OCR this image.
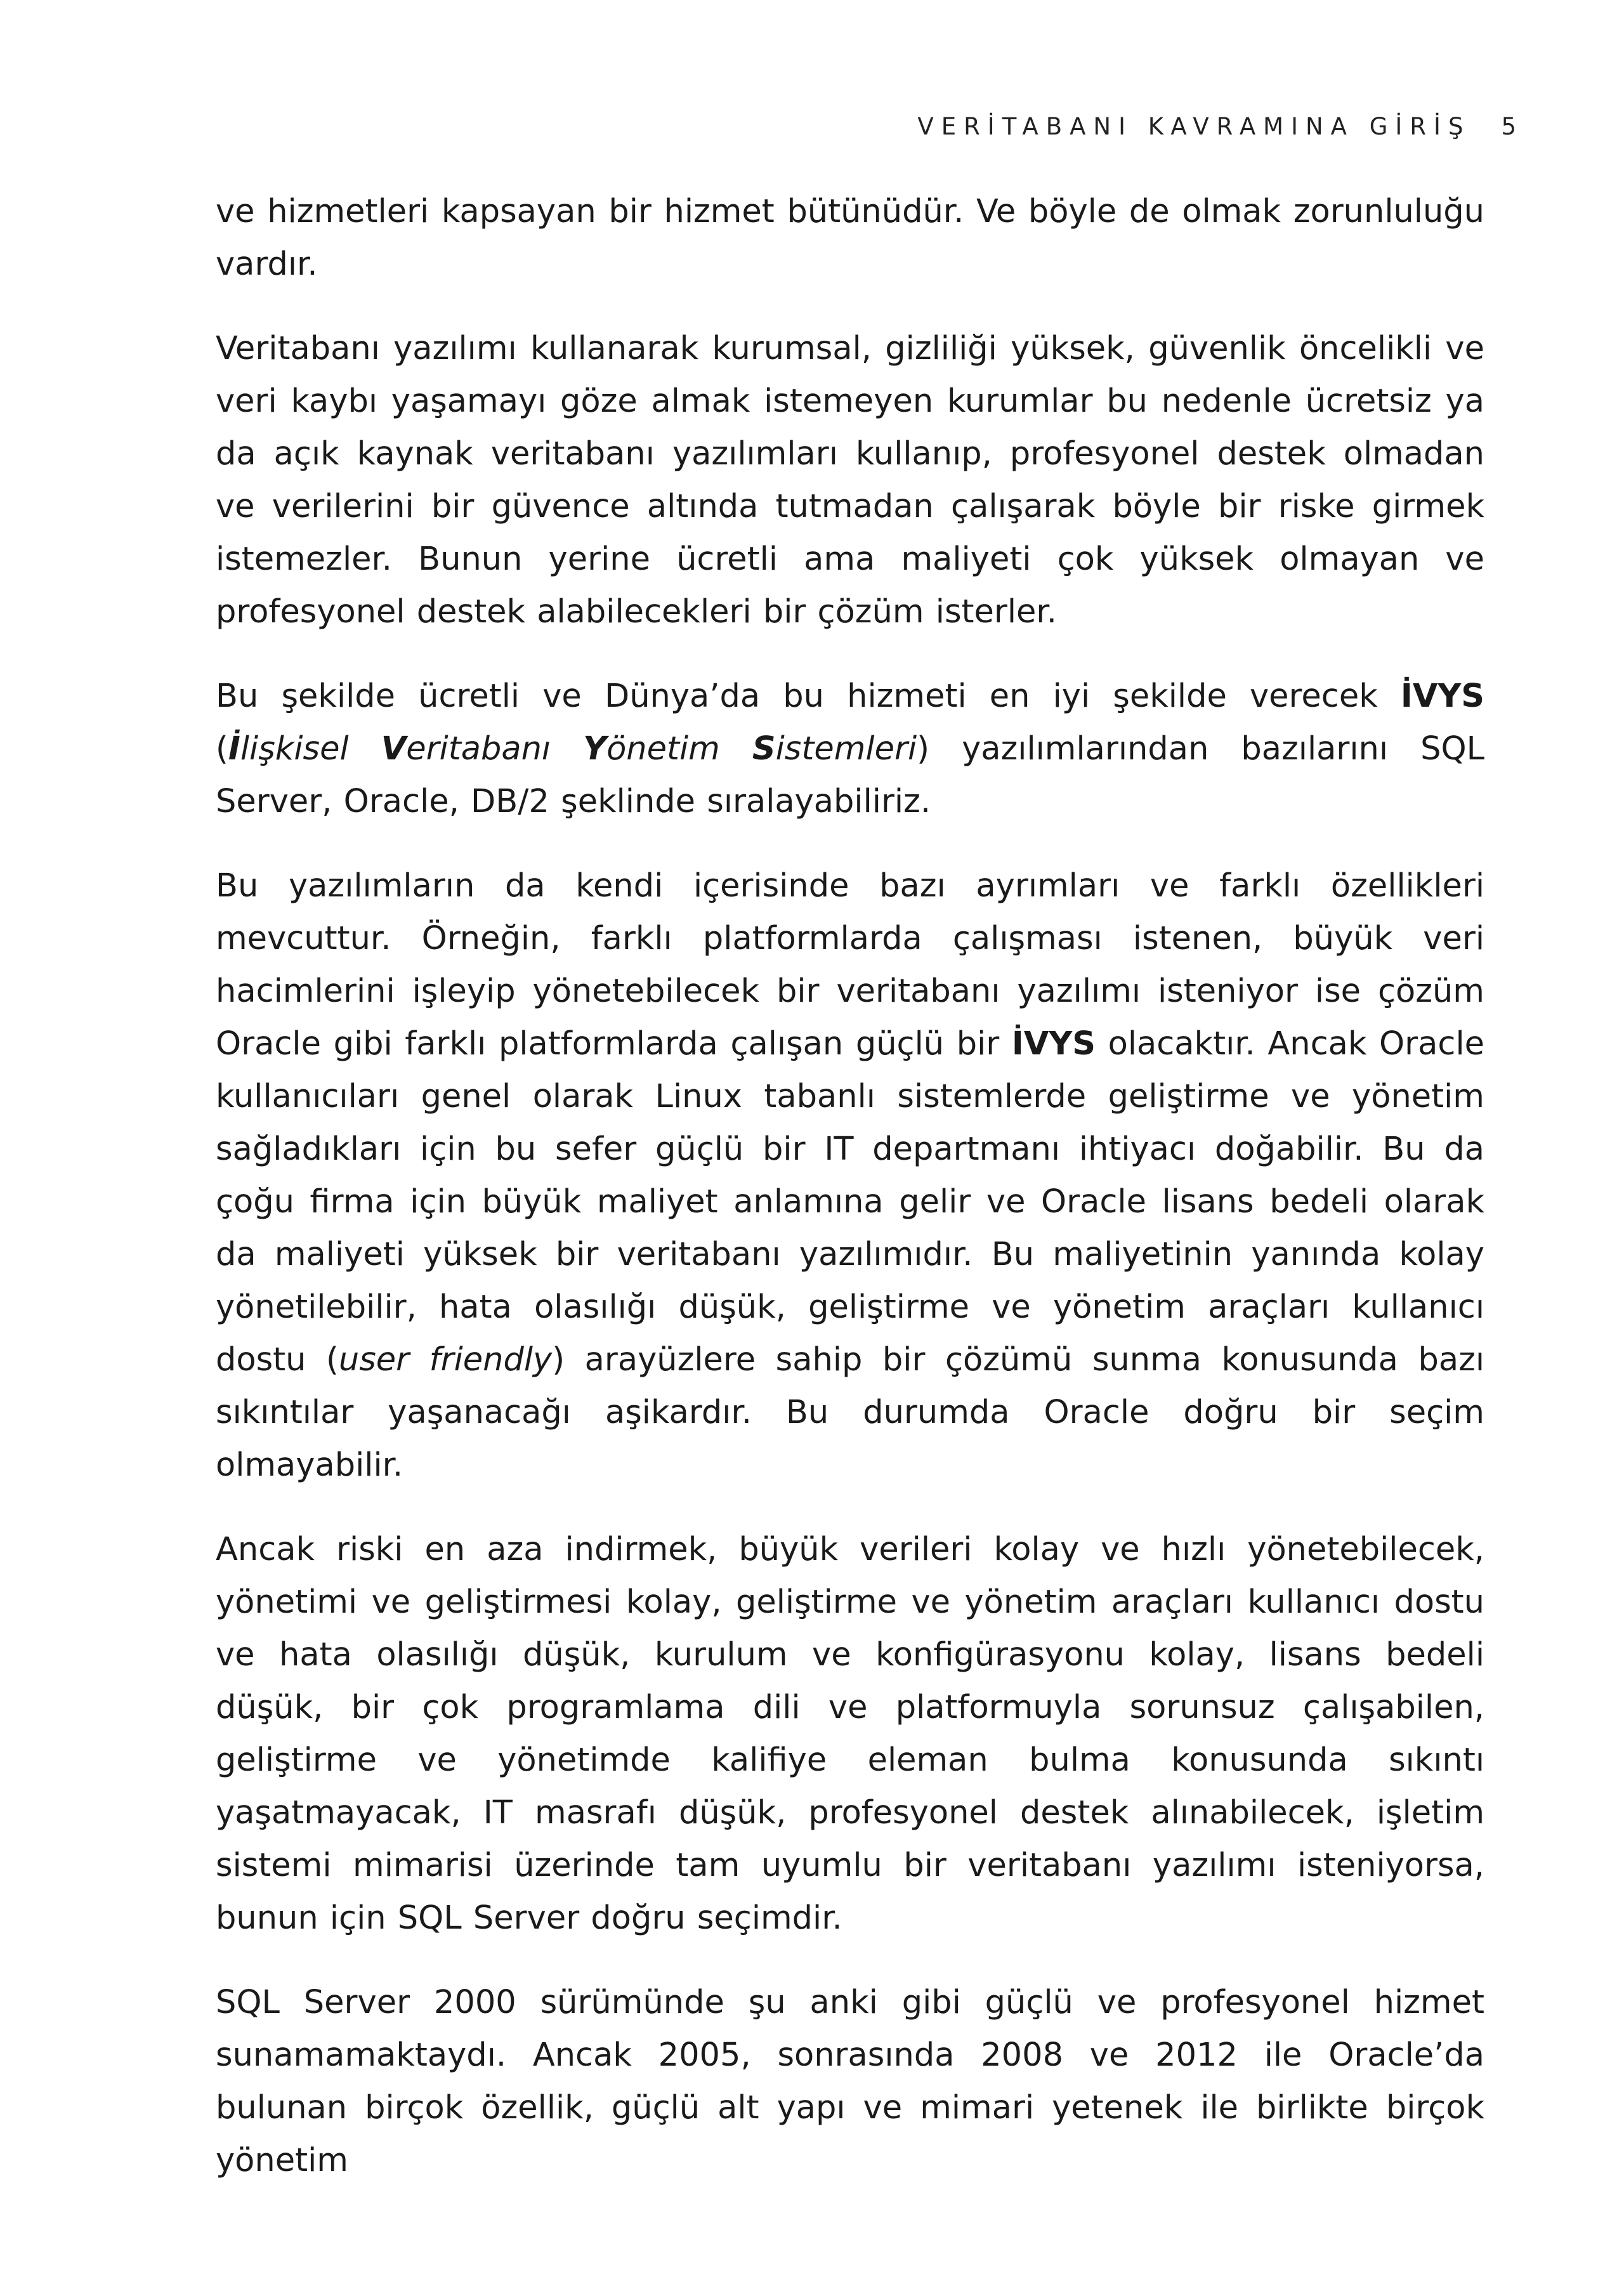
VERİTABANI KAVRAMINA GİRİŞ 5

ve hizmetleri kapsayan bir hizmet bütünüdür. Ve böyle de olmak zorunluluğu vardır.

Veritabanı yazılımı kullanarak kurumsal, gizliliği yüksek, güvenlik öncelikli ve veri kaybı yaşamayı göze almak istemeyen kurumlar bu nedenle ücretsiz ya da açık kaynak veritabanı yazılımları kullanıp, profesyonel destek olmadan ve verilerini bir güvence altında tutmadan çalışarak böyle bir riske girmek istemezler. Bunun yerine ücretli ama maliyeti çok yüksek olmayan ve profesyonel destek alabilecekleri bir çözüm isterler.

Bu şekilde ücretli ve Dünya’da bu hizmeti en iyi şekilde verecek İVYS (İlişkisel Veritabanı Yönetim Sistemleri) yazılımlarından bazılarını SQL Server, Oracle, DB/2 şeklinde sıralayabiliriz.

Bu yazılımların da kendi içerisinde bazı ayrımları ve farklı özellikleri mevcuttur. Örneğin, farklı platformlarda çalışması istenen, büyük veri hacimlerini işleyip yönetebilecek bir veritabanı yazılımı isteniyor ise çözüm Oracle gibi farklı platformlarda çalışan güçlü bir İVYS olacaktır. Ancak Oracle kullanıcıları genel olarak Linux tabanlı sistemlerde geliştirme ve yönetim sağladıkları için bu sefer güçlü bir IT departmanı ihtiyacı doğabilir. Bu da çoğu firma için büyük maliyet anlamına gelir ve Oracle lisans bedeli olarak da maliyeti yüksek bir veritabanı yazılımıdır. Bu maliyetinin yanında kolay yönetilebilir, hata olasılığı düşük, geliştirme ve yönetim araçları kullanıcı dostu (user friendly) arayüzlere sahip bir çözümü sunma konusunda bazı sıkıntılar yaşanacağı aşikardır. Bu durumda Oracle doğru bir seçim olmayabilir.

Ancak riski en aza indirmek, büyük verileri kolay ve hızlı yönetebilecek, yönetimi ve geliştirmesi kolay, geliştirme ve yönetim araçları kullanıcı dostu ve hata olasılığı düşük, kurulum ve konfigürasyonu kolay, lisans bedeli düşük, bir çok programlama dili ve platformuyla sorunsuz çalışabilen, geliştirme ve yönetimde kalifiye eleman bulma konusunda sıkıntı yaşatmayacak, IT masrafı düşük, profesyonel destek alınabilecek, işletim sistemi mimarisi üzerinde tam uyumlu bir veritabanı yazılımı isteniyorsa, bunun için SQL Server doğru seçimdir.

SQL Server 2000 sürümünde şu anki gibi güçlü ve profesyonel hizmet sunamamaktaydı. Ancak 2005, sonrasında 2008 ve 2012 ile Oracle’da bulunan birçok özellik, güçlü alt yapı ve mimari yetenek ile birlikte birçok yönetim
